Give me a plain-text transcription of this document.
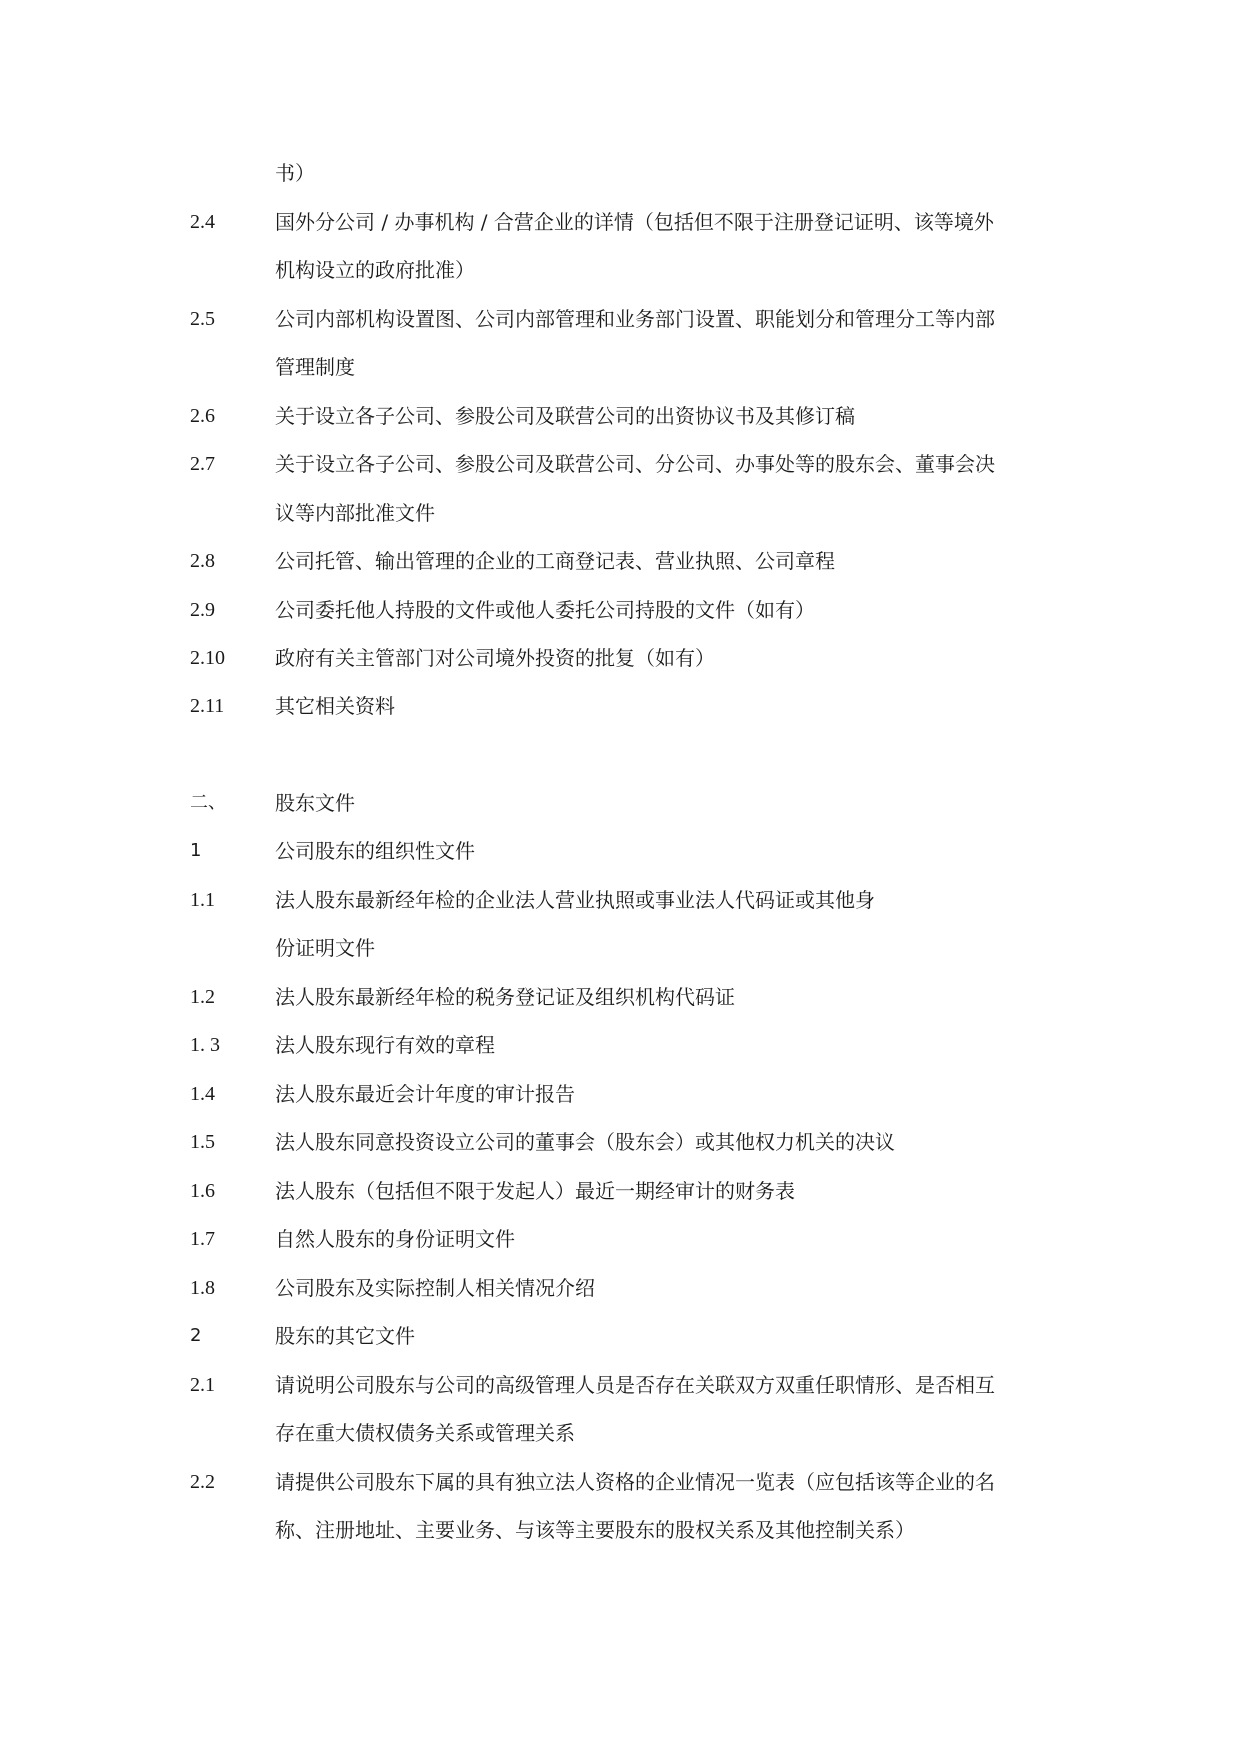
书）
2.4	国外分公司 / 办事机构 / 合营企业的详情（包括但不限于注册登记证明、该等境外
机构设立的政府批准）
2.5	公司内部机构设置图、公司内部管理和业务部门设置、职能划分和管理分工等内部
管理制度
2.6	关于设立各子公司、参股公司及联营公司的出资协议书及其修订稿
2.7	关于设立各子公司、参股公司及联营公司、分公司、办事处等的股东会、董事会决
议等内部批准文件
2.8	公司托管、输出管理的企业的工商登记表、营业执照、公司章程
2.9	公司委托他人持股的文件或他人委托公司持股的文件（如有）
2.10	政府有关主管部门对公司境外投资的批复（如有）
2.11	其它相关资料
二、 股东文件
1	公司股东的组织性文件
1.1	法人股东最新经年检的企业法人营业执照或事业法人代码证或其他身
份证明文件
1.2	法人股东最新经年检的税务登记证及组织机构代码证
1. 3	法人股东现行有效的章程
1.4	法人股东最近会计年度的审计报告
1.5	法人股东同意投资设立公司的董事会（股东会）或其他权力机关的决议
1.6	法人股东（包括但不限于发起人）最近一期经审计的财务表
1.7	自然人股东的身份证明文件
1.8	公司股东及实际控制人相关情况介绍
2	股东的其它文件
2.1	请说明公司股东与公司的高级管理人员是否存在关联双方双重任职情形、是否相互
存在重大债权债务关系或管理关系
2.2	请提供公司股东下属的具有独立法人资格的企业情况一览表（应包括该等企业的名
称、注册地址、主要业务、与该等主要股东的股权关系及其他控制关系）
